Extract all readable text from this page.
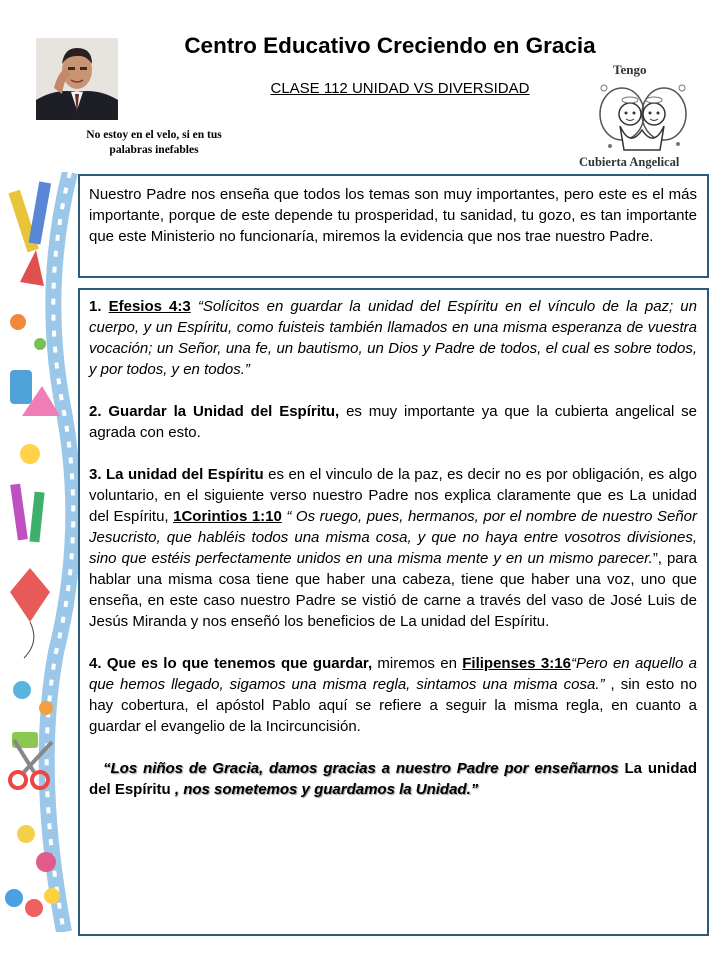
No estoy en el velo, si en tus palabras inefables
Centro Educativo Creciendo en Gracia
CLASE 112 UNIDAD VS DIVERSIDAD
Tengo
Cubierta Angelical
Nuestro Padre nos enseña que todos los temas son muy importantes, pero este es el más importante, porque de este depende tu prosperidad, tu sanidad, tu gozo, es tan importante que este Ministerio no funcionaría, miremos la evidencia que nos trae nuestro Padre.

1. Efesios 4:3 “Solícitos en guardar la unidad del Espíritu en el vínculo de la paz; un cuerpo, y un Espíritu, como fuisteis también llamados en una misma esperanza de vuestra vocación; un Señor, una fe, un bautismo, un Dios y Padre de todos, el cual es sobre todos, y por todos, y en todos.”

2. Guardar la Unidad del Espíritu, es muy importante ya que la cubierta angelical se agrada con esto.

3. La unidad del Espíritu es en el vinculo de la paz, es decir no es por obligación, es algo voluntario, en el siguiente verso nuestro Padre nos explica claramente que es La unidad del Espíritu, 1Corintios 1:10 “ Os ruego, pues, hermanos, por el nombre de nuestro Señor Jesucristo, que habléis todos una misma cosa, y que no haya entre vosotros divisiones, sino que estéis perfectamente unidos en una misma mente y en un mismo parecer.”, para hablar una misma cosa tiene que haber una cabeza, tiene que haber una voz, uno que enseña, en este caso nuestro Padre se vistió de carne a través del vaso de José Luis de Jesús Miranda y nos enseñó los beneficios de La unidad del Espíritu.

4. Que es lo que tenemos que guardar, miremos en Filipenses 3:16“Pero en aquello a que hemos llegado, sigamos una misma regla, sintamos una misma cosa.” , sin esto no hay cobertura, el apóstol Pablo aquí se refiere a seguir la misma regla, en cuanto a guardar el evangelio de la Incircuncisión.

“Los niños de Gracia, damos gracias a nuestro Padre por enseñarnos La unidad del Espíritu , nos sometemos y guardamos la Unidad.”
